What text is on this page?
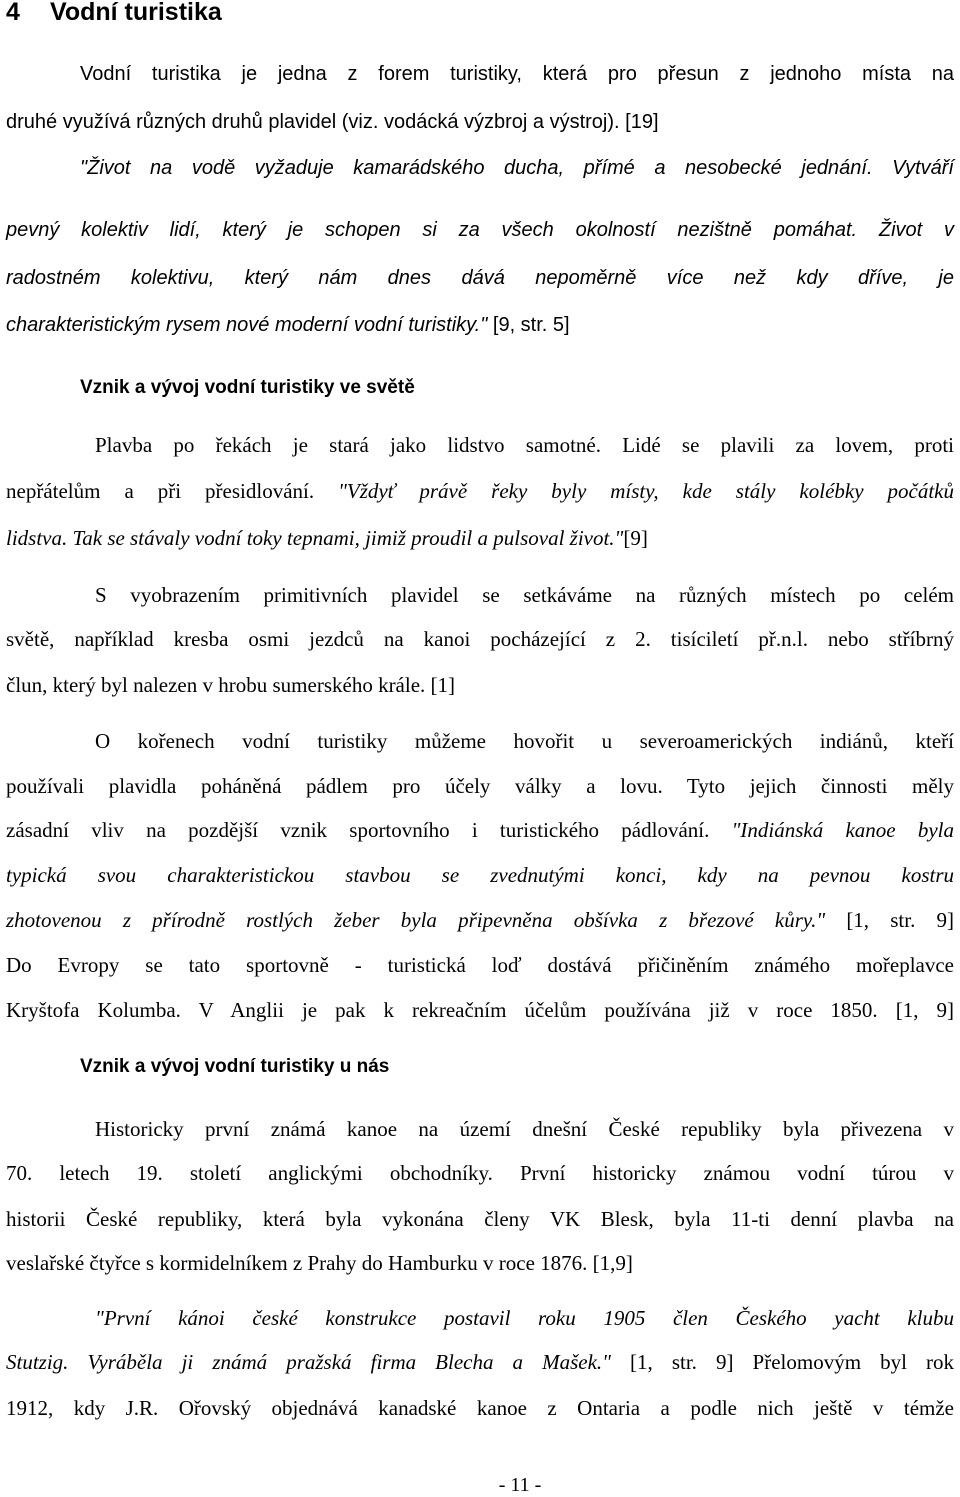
4 Vodní turistika

Vodní turistika je jedna z forem turistiky, která pro přesun z jednoho místa na

druhé využívá různých druhů plavidel (viz. vodácká výzbroj a výstroj). [19]

"Život na vodě vyžaduje kamarádského ducha, přímé a nesobecké jednání. Vytváří

pevný kolektiv lidí, který je schopen si za všech okolností nezištně pomáhat. Život v

radostném kolektivu, který nám dnes dává nepoměrně více než kdy dříve, je

charakteristickým rysem nové moderní vodní turistiky." [9, str. 5]

Vznik a vývoj vodní turistiky ve světě

Plavba po řekách je stará jako lidstvo samotné. Lidé se plavili za lovem, proti

nepřátelům a při přesidlování. "Vždyť právě řeky byly místy, kde stály kolébky počátků

lidstva. Tak se stávaly vodní toky tepnami, jimiž proudil a pulsoval život."[9]

S vyobrazením primitivních plavidel se setkáváme na různých místech po celém

světě, například kresba osmi jezdců na kanoi pocházející z 2. tisíciletí př.n.l. nebo stříbrný

člun, který byl nalezen v hrobu sumerského krále. [1]

O kořenech vodní turistiky můžeme hovořit u severoamerických indiánů, kteří

používali plavidla poháněná pádlem pro účely války a lovu. Tyto jejich činnosti měly

zásadní vliv na pozdější vznik sportovního i turistického pádlování. "Indiánská kanoe byla

typická svou charakteristickou stavbou se zvednutými konci, kdy na pevnou kostru

zhotovenou z přírodně rostlých žeber byla připevněna obšívka z březové kůry." [1, str. 9]

Do Evropy se tato sportovně - turistická loď dostává přičiněním známého mořeplavce

Kryštofa Kolumba. V Anglii je pak k rekreačním účelům používána již v roce 1850. [1, 9]

Vznik a vývoj vodní turistiky u nás

Historicky první známá kanoe na území dnešní České republiky byla přivezena v

70. letech 19. století anglickými obchodníky. První historicky známou vodní túrou v

historii České republiky, která byla vykonána členy VK Blesk, byla 11-ti denní plavba na

veslařské čtyřce s kormidelníkem z Prahy do Hamburku v roce 1876. [1,9]

"První kánoi české konstrukce postavil roku 1905 člen Českého yacht klubu

Stutzig. Vyráběla ji známá pražská firma Blecha a Mašek." [1, str. 9] Přelomovým byl rok

1912, kdy J.R. Ořovský objednává kanadské kanoe z Ontaria a podle nich ještě v témže

- 11 -
